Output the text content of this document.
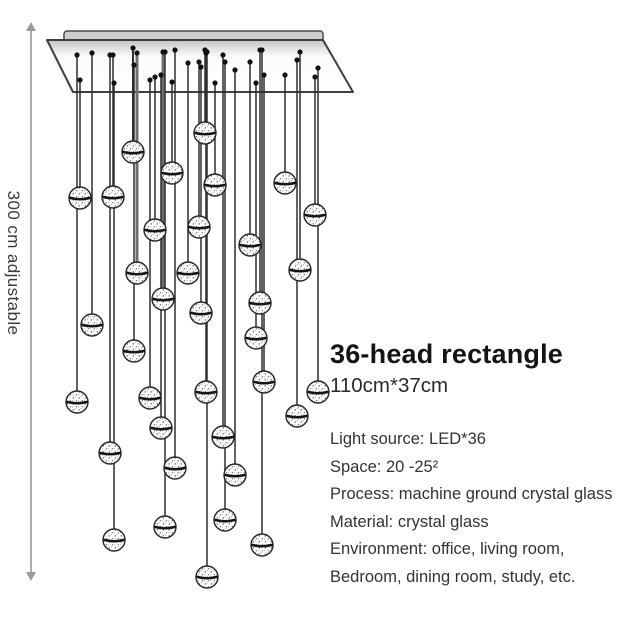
300 cm adjustable
36-head rectangle
110cm*37cm
Light source: LED*36
Space: 20 -25²
Process: machine ground crystal glass
Material: crystal glass
Environment: office, living room,
Bedroom, dining room, study, etc.
